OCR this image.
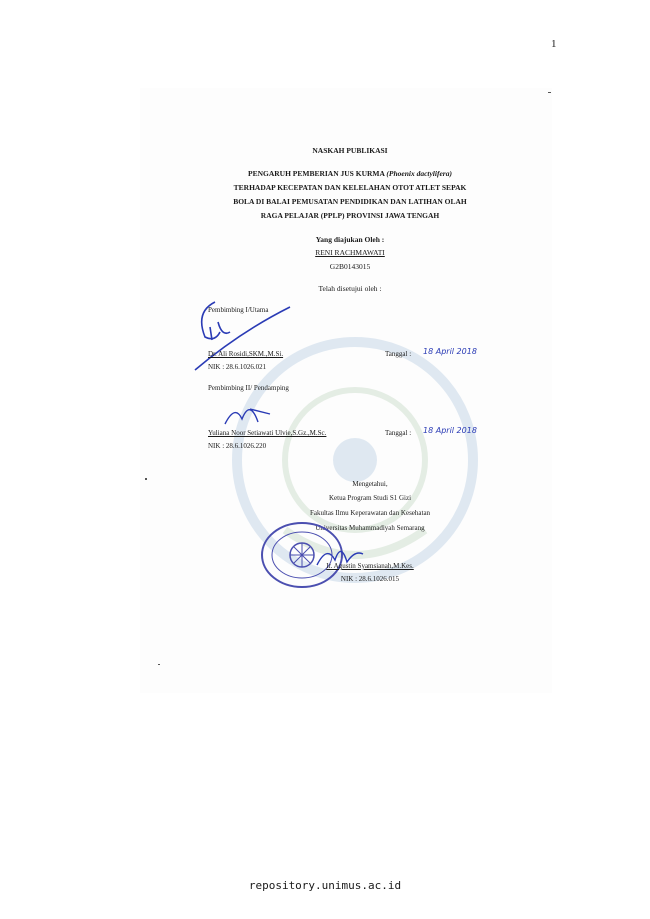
1
NASKAH PUBLIKASI
PENGARUH PEMBERIAN JUS KURMA (Phoenix dactylifera)
TERHADAP KECEPATAN DAN KELELAHAN OTOT ATLET SEPAK
BOLA DI BALAI PEMUSATAN PENDIDIKAN DAN LATIHAN OLAH
RAGA PELAJAR (PPLP) PROVINSI JAWA TENGAH
Yang diajukan Oleh :
RENI RACHMAWATI
G2B0143015
Telah disetujui oleh :
Pembimbing I/Utama
Dr. Ali Rosidi,SKM.,M.Si.
NIK : 28.6.1026.021
Tanggal : 18 April 2018
Pembimbing II/ Pendamping
Yuliana Noor Setiawati Ulvie,S.Gz.,M.Sc.
NIK : 28.6.1026.220
Tanggal : 18 April 2018
Mengetahui,
Ketua Program Studi S1 Gizi
Fakultas Ilmu Keperawatan dan Kesehatan
Universitas Muhammadiyah Semarang
Ir. Agustin Syamsianah,M.Kes.
NIK : 28.6.1026.015
repository.unimus.ac.id
